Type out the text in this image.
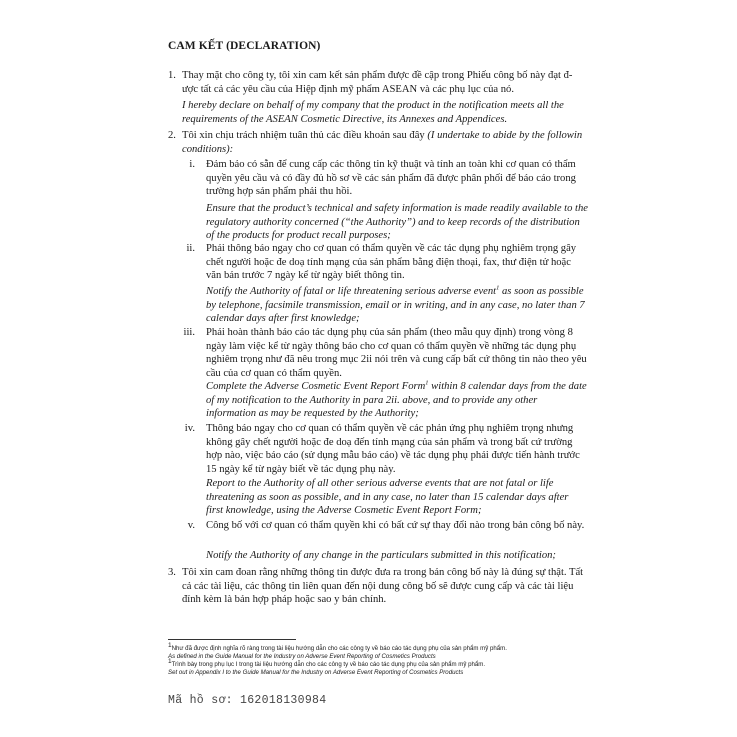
CAM KẾT (DECLARATION)
1. Thay mặt cho công ty, tôi xin cam kết sản phẩm được đề cập trong Phiếu công bố này đạt đ- ược tất cả các yêu cầu của Hiệp định mỹ phẩm ASEAN và các phụ lục của nó.
I hereby declare on behalf of my company that the product in the notification meets all the requirements of the ASEAN Cosmetic Directive, its Annexes and Appendices.
2. Tôi xin chịu trách nhiệm tuân thủ các điều khoản sau đây (I undertake to abide by the followin conditions):
i. Đảm bảo có sẵn để cung cấp các thông tin kỹ thuật và tính an toàn khi cơ quan có thẩm quyền yêu cầu và có đầy đủ hồ sơ về các sản phẩm đã được phân phối để báo cáo trong trường hợp sản phẩm phải thu hồi.
Ensure that the product’s technical and safety information is made readily available to the regulatory authority concerned (“the Authority”) and to keep records of the distribution of the products for product recall purposes;
ii. Phải thông báo ngay cho cơ quan có thẩm quyền về các tác dụng phụ nghiêm trọng gây chết người hoặc đe doạ tính mạng của sản phẩm bằng điện thoại, fax, thư điện tử hoặc văn bản trước 7 ngày kể từ ngày biết thông tin.
Notify the Authority of fatal or life threatening serious adverse event$^1$ as soon as possible by telephone, facsimile transmission, email or in writing, and in any case, no later than 7 calendar days after first knowledge;
iii. Phải hoàn thành báo cáo tác dụng phụ của sản phẩm (theo mẫu quy định) trong vòng 8 ngày làm việc kể từ ngày thông báo cho cơ quan có thẩm quyền về những tác dụng phụ nghiêm trọng như đã nêu trong mục 2ii nói trên và cung cấp bất cứ thông tin nào theo yêu cầu của cơ quan có thẩm quyền.
Complete the Adverse Cosmetic Event Report Form$^1$ within 8 calendar days from the date of my notification to the Authority in para 2ii. above, and to provide any other information as may be requested by the Authority;
iv. Thông báo ngay cho cơ quan có thẩm quyền về các phản ứng phụ nghiêm trọng nhưng không gây chết người hoặc đe doạ đến tính mạng của sản phẩm và trong bất cứ trường hợp nào, việc báo cáo (sử dụng mẫu báo cáo) về tác dụng phụ phải được tiến hành trước 15 ngày kể từ ngày biết về tác dụng phụ này.
Report to the Authority of all other serious adverse events that are not fatal or life threatening as soon as possible, and in any case, no later than 15 calendar days after first knowledge, using the Adverse Cosmetic Event Report Form;
v. Công bố với cơ quan có thẩm quyền khi có bất cứ sự thay đổi nào trong bản công bố này.
Notify the Authority of any change in the particulars submitted in this notification;
3. Tôi xin cam đoan rằng những thông tin được đưa ra trong bản công bố này là đúng sự thật. Tất cả các tài liệu, các thông tin liên quan đến nội dung công bố sẽ được cung cấp và các tài liệu đính kèm là bản hợp pháp hoặc sao y bản chính.
$^1$Như đã được định nghĩa rõ ràng trong tài liệu hướng dẫn cho các công ty về báo cáo tác dụng phụ của sản phẩm mỹ phẩm.
As defined in the Guide Manual for the Industry on Adverse Event Reporting of Cosmetics Products
$^1$Trình bày trong phụ lục I trong tài liệu hướng dẫn cho các công ty về báo cáo tác dụng phụ của sản phẩm mỹ phẩm.
Set out in Appendix I to the Guide Manual for the Industry on Adverse Event Reporting of Cosmetics Products
Mã hồ sơ: 162018130984
